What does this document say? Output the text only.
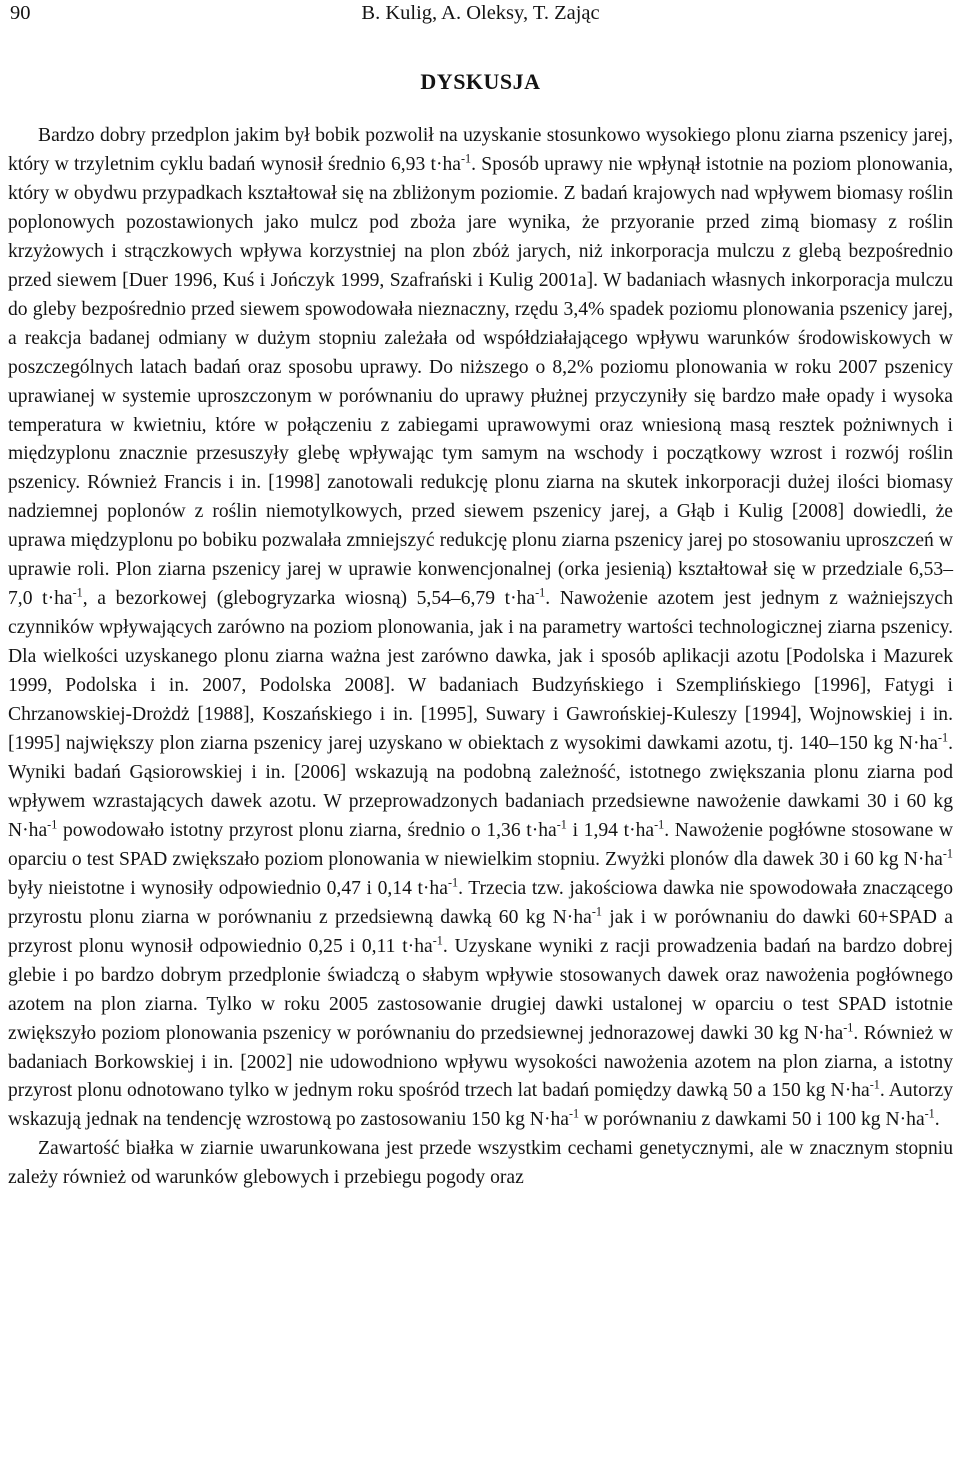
90	B. Kulig, A. Oleksy, T. Zając
DYSKUSJA

Bardzo dobry przedplon jakim był bobik pozwolił na uzyskanie stosunkowo wysokiego plonu ziarna pszenicy jarej, który w trzyletnim cyklu badań wynosił średnio 6,93 $t\cdot ha^{-1}$. Sposób uprawy nie wpłynął istotnie na poziom plonowania, który w obydwu przypadkach kształtował się na zbliżonym poziomie. Z badań krajowych nad wpływem biomasy roślin poplonowych pozostawionych jako mulcz pod zboża jare wynika, że przyoranie przed zimą biomasy z roślin krzyżowych i strączkowych wpływa korzystniej na plon zbóż jarych, niż inkorporacja mulczu z glebą bezpośrednio przed siewem [Duer 1996, Kuś i Jończyk 1999, Szafrański i Kulig 2001a]. W badaniach własnych inkorporacja mulczu do gleby bezpośrednio przed siewem spowodowała nieznaczny, rzędu 3,4% spadek poziomu plonowania pszenicy jarej, a reakcja badanej odmiany w dużym stopniu zależała od współdziałającego wpływu warunków środowiskowych w poszczególnych latach badań oraz sposobu uprawy. Do niższego o 8,2% poziomu plonowania w roku 2007 pszenicy uprawianej w systemie uproszczonym w porównaniu do uprawy płużnej przyczyniły się bardzo małe opady i wysoka temperatura w kwietniu, które w połączeniu z zabiegami uprawowymi oraz wniesioną masą resztek pożniwnych i międzyplonu znacznie przesuszyły glebę wpływając tym samym na wschody i początkowy wzrost i rozwój roślin pszenicy. Również Francis i in. [1998] zanotowali redukcję plonu ziarna na skutek inkorporacji dużej ilości biomasy nadziemnej poplonów z roślin niemotylkowych, przed siewem pszenicy jarej, a Głąb i Kulig [2008] dowiedli, że uprawa międzyplonu po bobiku pozwalała zmniejszyć redukcję plonu ziarna pszenicy jarej po stosowaniu uproszczeń w uprawie roli. Plon ziarna pszenicy jarej w uprawie konwencjonalnej (orka jesienią) kształtował się w przedziale 6,53–7,0 $t\cdot ha^{-1}$, a bezorkowej (glebogryzarka wiosną) 5,54–6,79 $t\cdot ha^{-1}$. Nawożenie azotem jest jednym z ważniejszych czynników wpływających zarówno na poziom plonowania, jak i na parametry wartości technologicznej ziarna pszenicy. Dla wielkości uzyskanego plonu ziarna ważna jest zarówno dawka, jak i sposób aplikacji azotu [Podolska i Mazurek 1999, Podolska i in. 2007, Podolska 2008]. W badaniach Budzyńskiego i Szemplińskiego [1996], Fatygi i Chrzanowskiej-Drożdż [1988], Koszańskiego i in. [1995], Suwary i Gawrońskiej-Kuleszy [1994], Wojnowskiej i in. [1995] największy plon ziarna pszenicy jarej uzyskano w obiektach z wysokimi dawkami azotu, tj. 140–150 kg $N\cdot ha^{-1}$. Wyniki badań Gąsiorowskiej i in. [2006] wskazują na podobną zależność, istotnego zwiększania plonu ziarna pod wpływem wzrastających dawek azotu. W przeprowadzonych badaniach przedsiewne nawożenie dawkami 30 i 60 kg $N\cdot ha^{-1}$ powodowało istotny przyrost plonu ziarna, średnio o 1,36 $t\cdot ha^{-1}$ i 1,94 $t\cdot ha^{-1}$. Nawożenie pogłówne stosowane w oparciu o test SPAD zwiększało poziom plonowania w niewielkim stopniu. Zwyżki plonów dla dawek 30 i 60 kg $N\cdot ha^{-1}$ były nieistotne i wynosiły odpowiednio 0,47 i 0,14 $t\cdot ha^{-1}$. Trzecia tzw. jakościowa dawka nie spowodowała znaczącego przyrostu plonu ziarna w porównaniu z przedsiewną dawką 60 kg $N\cdot ha^{-1}$ jak i w porównaniu do dawki 60+SPAD a przyrost plonu wynosił odpowiednio 0,25 i 0,11 $t\cdot ha^{-1}$. Uzyskane wyniki z racji prowadzenia badań na bardzo dobrej glebie i po bardzo dobrym przedplonie świadczą o słabym wpływie stosowanych dawek oraz nawożenia pogłównego azotem na plon ziarna. Tylko w roku 2005 zastosowanie drugiej dawki ustalonej w oparciu o test SPAD istotnie zwiększyło poziom plonowania pszenicy w porównaniu do przedsiewnej jednorazowej dawki 30 kg $N\cdot ha^{-1}$. Również w badaniach Borkowskiej i in. [2002] nie udowodniono wpływu wysokości nawożenia azotem na plon ziarna, a istotny przyrost plonu odnotowano tylko w jednym roku spośród trzech lat badań pomiędzy dawką 50 a 150 kg $N\cdot ha^{-1}$. Autorzy wskazują jednak na tendencję wzrostową po zastosowaniu 150 kg $N\cdot ha^{-1}$ w porównaniu z dawkami 50 i 100 kg $N\cdot ha^{-1}$.

Zawartość białka w ziarnie uwarunkowana jest przede wszystkim cechami genetycznymi, ale w znacznym stopniu zależy również od warunków glebowych i przebiegu pogody oraz
